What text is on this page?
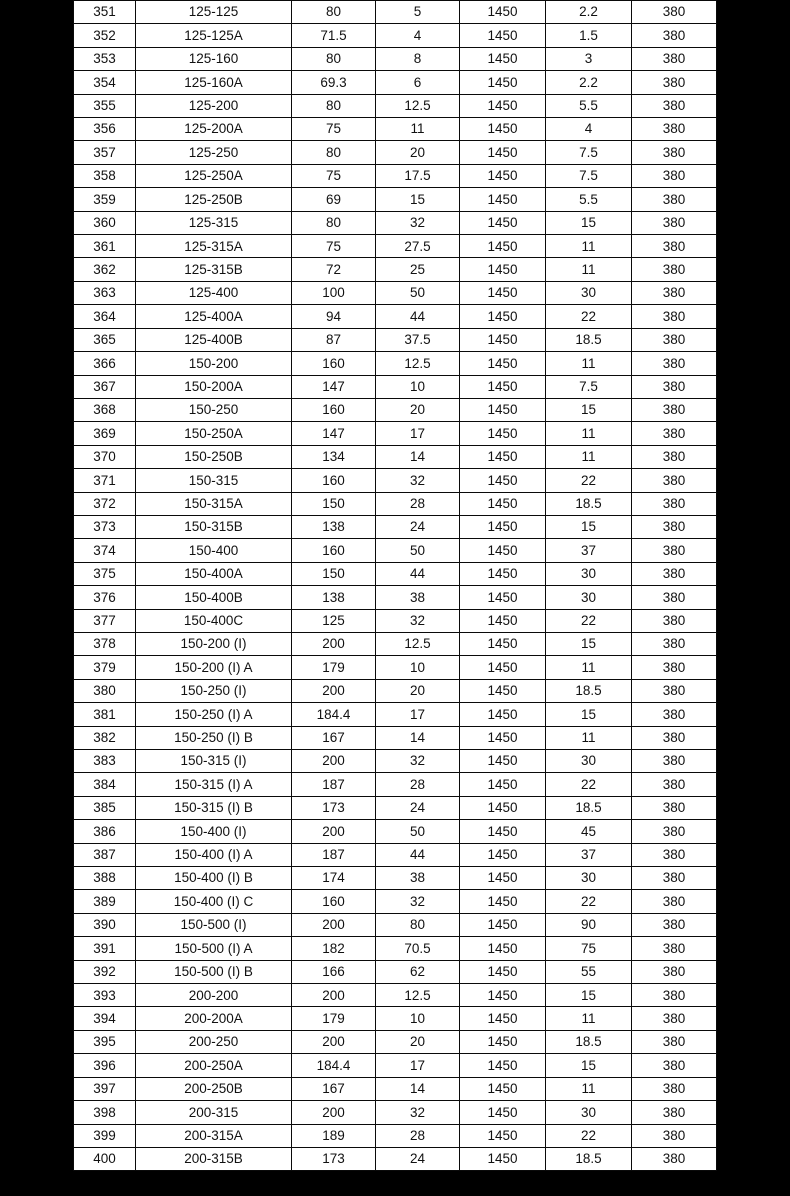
351	125-125	80	5	1450	2.2	380
352	125-125A	71.5	4	1450	1.5	380
353	125-160	80	8	1450	3	380
354	125-160A	69.3	6	1450	2.2	380
355	125-200	80	12.5	1450	5.5	380
356	125-200A	75	11	1450	4	380
357	125-250	80	20	1450	7.5	380
358	125-250A	75	17.5	1450	7.5	380
359	125-250B	69	15	1450	5.5	380
360	125-315	80	32	1450	15	380
361	125-315A	75	27.5	1450	11	380
362	125-315B	72	25	1450	11	380
363	125-400	100	50	1450	30	380
364	125-400A	94	44	1450	22	380
365	125-400B	87	37.5	1450	18.5	380
366	150-200	160	12.5	1450	11	380
367	150-200A	147	10	1450	7.5	380
368	150-250	160	20	1450	15	380
369	150-250A	147	17	1450	11	380
370	150-250B	134	14	1450	11	380
371	150-315	160	32	1450	22	380
372	150-315A	150	28	1450	18.5	380
373	150-315B	138	24	1450	15	380
374	150-400	160	50	1450	37	380
375	150-400A	150	44	1450	30	380
376	150-400B	138	38	1450	30	380
377	150-400C	125	32	1450	22	380
378	150-200 (I)	200	12.5	1450	15	380
379	150-200 (I) A	179	10	1450	11	380
380	150-250 (I)	200	20	1450	18.5	380
381	150-250 (I) A	184.4	17	1450	15	380
382	150-250 (I) B	167	14	1450	11	380
383	150-315 (I)	200	32	1450	30	380
384	150-315 (I) A	187	28	1450	22	380
385	150-315 (I) B	173	24	1450	18.5	380
386	150-400 (I)	200	50	1450	45	380
387	150-400 (I) A	187	44	1450	37	380
388	150-400 (I) B	174	38	1450	30	380
389	150-400 (I) C	160	32	1450	22	380
390	150-500 (I)	200	80	1450	90	380
391	150-500 (I) A	182	70.5	1450	75	380
392	150-500 (I) B	166	62	1450	55	380
393	200-200	200	12.5	1450	15	380
394	200-200A	179	10	1450	11	380
395	200-250	200	20	1450	18.5	380
396	200-250A	184.4	17	1450	15	380
397	200-250B	167	14	1450	11	380
398	200-315	200	32	1450	30	380
399	200-315A	189	28	1450	22	380
400	200-315B	173	24	1450	18.5	380
